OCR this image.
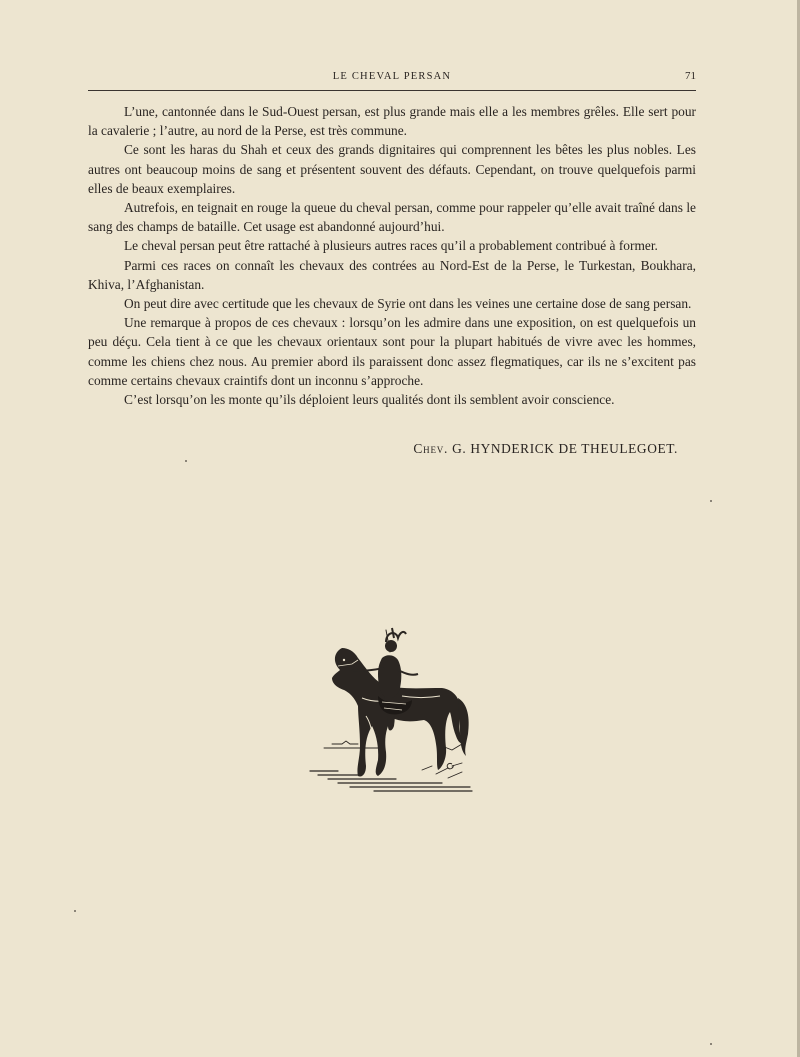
LE CHEVAL PERSAN	71

L’une, cantonnée dans le Sud-Ouest persan, est plus grande mais elle a les membres grêles. Elle sert pour la cavalerie ; l’autre, au nord de la Perse, est très commune.

Ce sont les haras du Shah et ceux des grands dignitaires qui comprennent les bêtes les plus nobles. Les autres ont beaucoup moins de sang et présentent souvent des défauts. Cependant, on trouve quelquefois parmi elles de beaux exemplaires.

Autrefois, en teignait en rouge la queue du cheval persan, comme pour rappeler qu’elle avait traîné dans le sang des champs de bataille. Cet usage est abandonné aujourd’hui.

Le cheval persan peut être rattaché à plusieurs autres races qu’il a probablement contribué à former.

Parmi ces races on connaît les chevaux des contrées au Nord-Est de la Perse, le Turkestan, Boukhara, Khiva, l’Afghanistan.

On peut dire avec certitude que les chevaux de Syrie ont dans les veines une certaine dose de sang persan.

Une remarque à propos de ces chevaux : lorsqu’on les admire dans une exposition, on est quelquefois un peu déçu. Cela tient à ce que les chevaux orientaux sont pour la plupart habitués de vivre avec les hommes, comme les chiens chez nous. Au premier abord ils paraissent donc assez flegmatiques, car ils ne s’excitent pas comme certains chevaux craintifs dont un inconnu s’approche.

C’est lorsqu’on les monte qu’ils déploient leurs qualités dont ils semblent avoir conscience.

Chev. G. HYNDERICK DE THEULEGOET.
